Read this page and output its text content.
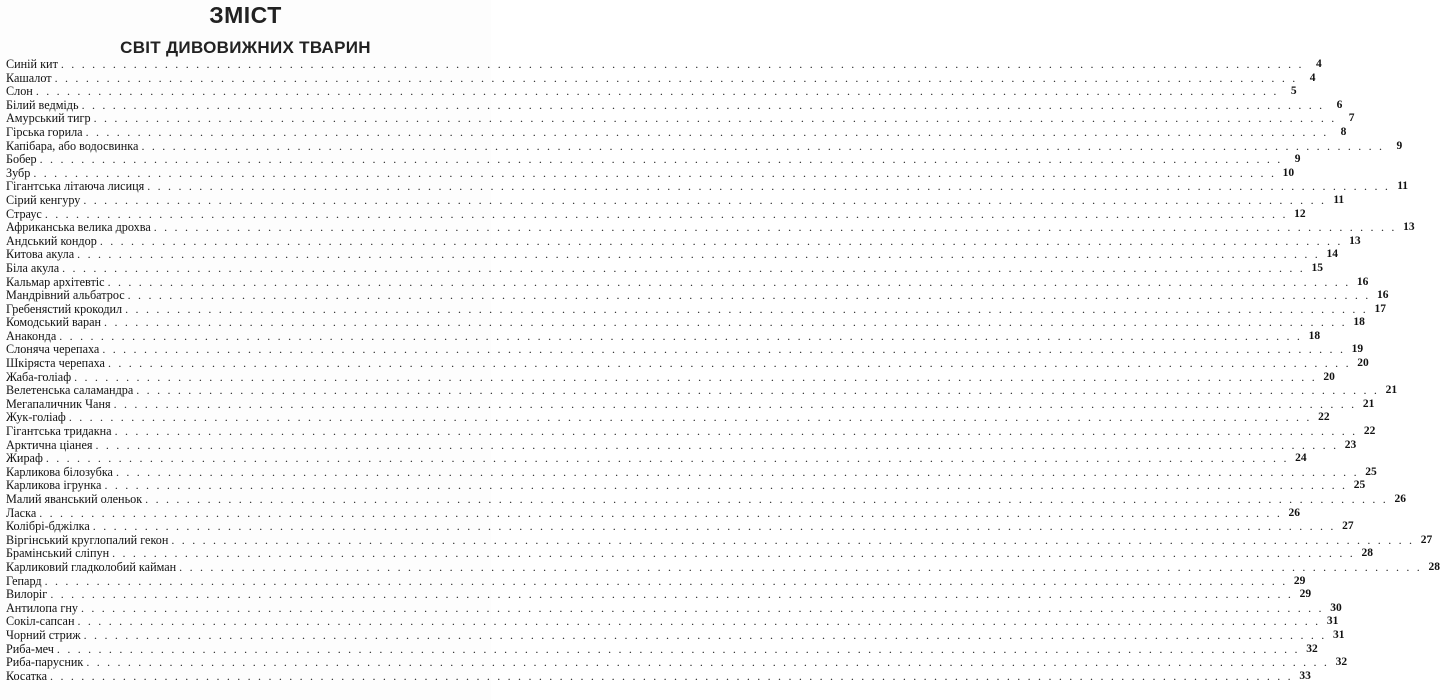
ЗМІСТ
СВІТ ДИВОВИЖНИХ ТВАРИН
Синій кит . . . . . . . . . . . . . . . . . . . . . . . . . . . . . . . . . . . . . . . . . . . . . . . . . . . . . . . . . . . . . . . . . . . . . . . . . . . . . . . . . . . . . . . . . . . . . . . . . . . . . . . . . . . . . . . . . . . . . . . .	4
Кашалот . . . . . . . . . . . . . . . . . . . . . . . . . . . . . . . . . . . . . . . . . . . . . . . . . . . . . . . . . . . . . . . . . . . . . . . . . . . . . . . . . . . . . . . . . . . . . . . . . . . . . . . . . . . . . . . . . . . . . . . .	4
Слон . . . . . . . . . . . . . . . . . . . . . . . . . . . . . . . . . . . . . . . . . . . . . . . . . . . . . . . . . . . . . . . . . . . . . . . . . . . . . . . . . . . . . . . . . . . . . . . . . . . . . . . . . . . . . . . . . . . . . . . .	5
Білий ведмідь . . . . . . . . . . . . . . . . . . . . . . . . . . . . . . . . . . . . . . . . . . . . . . . . . . . . . . . . . . . . . . . . . . . . . . . . . . . . . . . . . . . . . . . . . . . . . . . . . . . . . . . . . . . . . . . . . . . . . . . .	6
Амурський тигр . . . . . . . . . . . . . . . . . . . . . . . . . . . . . . . . . . . . . . . . . . . . . . . . . . . . . . . . . . . . . . . . . . . . . . . . . . . . . . . . . . . . . . . . . . . . . . . . . . . . . . . . . . . . . . . . . . . . . . . .	7
Гірська горила . . . . . . . . . . . . . . . . . . . . . . . . . . . . . . . . . . . . . . . . . . . . . . . . . . . . . . . . . . . . . . . . . . . . . . . . . . . . . . . . . . . . . . . . . . . . . . . . . . . . . . . . . . . . . . . . . . . . . . . .	8
Капібара, або водосвинка . . . . . . . . . . . . . . . . . . . . . . . . . . . . . . . . . . . . . . . . . . . . . . . . . . . . . . . . . . . . . . . . . . . . . . . . . . . . . . . . . . . . . . . . . . . . . . . . . . . . . . . . . . . . . . . . . . . . . . . .	9
Бобер . . . . . . . . . . . . . . . . . . . . . . . . . . . . . . . . . . . . . . . . . . . . . . . . . . . . . . . . . . . . . . . . . . . . . . . . . . . . . . . . . . . . . . . . . . . . . . . . . . . . . . . . . . . . . . . . . . . . . . . .	9
Зубр . . . . . . . . . . . . . . . . . . . . . . . . . . . . . . . . . . . . . . . . . . . . . . . . . . . . . . . . . . . . . . . . . . . . . . . . . . . . . . . . . . . . . . . . . . . . . . . . . . . . . . . . . . . . . . . . . . . . . . . . 10
Гігантська літаюча лисиця . . . . . . . . . . . . . . . . . . . . . . . . . . . . . . . . . . . . . . . . . . . . . . . . . . . . . . . . . . . . . . . . . . . . . . . . . . . . . . . . . . . . . . . . . . . . . . . . . . . . . . . . . . . . . . . . . . . . . . . . 11
Сірий кенгуру . . . . . . . . . . . . . . . . . . . . . . . . . . . . . . . . . . . . . . . . . . . . . . . . . . . . . . . . . . . . . . . . . . . . . . . . . . . . . . . . . . . . . . . . . . . . . . . . . . . . . . . . . . . . . . . . . . . . . . . . 11
Страус . . . . . . . . . . . . . . . . . . . . . . . . . . . . . . . . . . . . . . . . . . . . . . . . . . . . . . . . . . . . . . . . . . . . . . . . . . . . . . . . . . . . . . . . . . . . . . . . . . . . . . . . . . . . . . . . . . . . . . . . 12
Африканська велика дрохва . . . . . . . . . . . . . . . . . . . . . . . . . . . . . . . . . . . . . . . . . . . . . . . . . . . . . . . . . . . . . . . . . . . . . . . . . . . . . . . . . . . . . . . . . . . . . . . . . . . . . . . . . . . . . . . . . . . . . . . . 13
Андський кондор . . . . . . . . . . . . . . . . . . . . . . . . . . . . . . . . . . . . . . . . . . . . . . . . . . . . . . . . . . . . . . . . . . . . . . . . . . . . . . . . . . . . . . . . . . . . . . . . . . . . . . . . . . . . . . . . . . . . . . . . 13
Китова акула . . . . . . . . . . . . . . . . . . . . . . . . . . . . . . . . . . . . . . . . . . . . . . . . . . . . . . . . . . . . . . . . . . . . . . . . . . . . . . . . . . . . . . . . . . . . . . . . . . . . . . . . . . . . . . . . . . . . . . . . 14
Біла акула . . . . . . . . . . . . . . . . . . . . . . . . . . . . . . . . . . . . . . . . . . . . . . . . . . . . . . . . . . . . . . . . . . . . . . . . . . . . . . . . . . . . . . . . . . . . . . . . . . . . . . . . . . . . . . . . . . . . . . . . 15
Кальмар архітевтіс . . . . . . . . . . . . . . . . . . . . . . . . . . . . . . . . . . . . . . . . . . . . . . . . . . . . . . . . . . . . . . . . . . . . . . . . . . . . . . . . . . . . . . . . . . . . . . . . . . . . . . . . . . . . . . . . . . . . . . . . 16
Мандрівний альбатрос . . . . . . . . . . . . . . . . . . . . . . . . . . . . . . . . . . . . . . . . . . . . . . . . . . . . . . . . . . . . . . . . . . . . . . . . . . . . . . . . . . . . . . . . . . . . . . . . . . . . . . . . . . . . . . . . . . . . . . . . 16
Гребенястий крокодил . . . . . . . . . . . . . . . . . . . . . . . . . . . . . . . . . . . . . . . . . . . . . . . . . . . . . . . . . . . . . . . . . . . . . . . . . . . . . . . . . . . . . . . . . . . . . . . . . . . . . . . . . . . . . . . . . . . . . . . . 17
Комодський варан . . . . . . . . . . . . . . . . . . . . . . . . . . . . . . . . . . . . . . . . . . . . . . . . . . . . . . . . . . . . . . . . . . . . . . . . . . . . . . . . . . . . . . . . . . . . . . . . . . . . . . . . . . . . . . . . . . . . . . . . 18
Анаконда . . . . . . . . . . . . . . . . . . . . . . . . . . . . . . . . . . . . . . . . . . . . . . . . . . . . . . . . . . . . . . . . . . . . . . . . . . . . . . . . . . . . . . . . . . . . . . . . . . . . . . . . . . . . . . . . . . . . . . . . 18
Слоняча черепаха . . . . . . . . . . . . . . . . . . . . . . . . . . . . . . . . . . . . . . . . . . . . . . . . . . . . . . . . . . . . . . . . . . . . . . . . . . . . . . . . . . . . . . . . . . . . . . . . . . . . . . . . . . . . . . . . . . . . . . . . 19
Шкіряста черепаха . . . . . . . . . . . . . . . . . . . . . . . . . . . . . . . . . . . . . . . . . . . . . . . . . . . . . . . . . . . . . . . . . . . . . . . . . . . . . . . . . . . . . . . . . . . . . . . . . . . . . . . . . . . . . . . . . . . . . . . . 20
Жаба-голіаф . . . . . . . . . . . . . . . . . . . . . . . . . . . . . . . . . . . . . . . . . . . . . . . . . . . . . . . . . . . . . . . . . . . . . . . . . . . . . . . . . . . . . . . . . . . . . . . . . . . . . . . . . . . . . . . . . . . . . . . . 20
Велетенська саламандра . . . . . . . . . . . . . . . . . . . . . . . . . . . . . . . . . . . . . . . . . . . . . . . . . . . . . . . . . . . . . . . . . . . . . . . . . . . . . . . . . . . . . . . . . . . . . . . . . . . . . . . . . . . . . . . . . . . . . . . . 21
Мегапаличник Чаня . . . . . . . . . . . . . . . . . . . . . . . . . . . . . . . . . . . . . . . . . . . . . . . . . . . . . . . . . . . . . . . . . . . . . . . . . . . . . . . . . . . . . . . . . . . . . . . . . . . . . . . . . . . . . . . . . . . . . . . . 21
Жук-голіаф . . . . . . . . . . . . . . . . . . . . . . . . . . . . . . . . . . . . . . . . . . . . . . . . . . . . . . . . . . . . . . . . . . . . . . . . . . . . . . . . . . . . . . . . . . . . . . . . . . . . . . . . . . . . . . . . . . . . . . . . 22
Гігантська тридакна . . . . . . . . . . . . . . . . . . . . . . . . . . . . . . . . . . . . . . . . . . . . . . . . . . . . . . . . . . . . . . . . . . . . . . . . . . . . . . . . . . . . . . . . . . . . . . . . . . . . . . . . . . . . . . . . . . . . . . . . 22
Арктична ціанея . . . . . . . . . . . . . . . . . . . . . . . . . . . . . . . . . . . . . . . . . . . . . . . . . . . . . . . . . . . . . . . . . . . . . . . . . . . . . . . . . . . . . . . . . . . . . . . . . . . . . . . . . . . . . . . . . . . . . . . . 23
Жираф . . . . . . . . . . . . . . . . . . . . . . . . . . . . . . . . . . . . . . . . . . . . . . . . . . . . . . . . . . . . . . . . . . . . . . . . . . . . . . . . . . . . . . . . . . . . . . . . . . . . . . . . . . . . . . . . . . . . . . . . 24
Карликова білозубка . . . . . . . . . . . . . . . . . . . . . . . . . . . . . . . . . . . . . . . . . . . . . . . . . . . . . . . . . . . . . . . . . . . . . . . . . . . . . . . . . . . . . . . . . . . . . . . . . . . . . . . . . . . . . . . . . . . . . . . . 25
Карликова ігрунка . . . . . . . . . . . . . . . . . . . . . . . . . . . . . . . . . . . . . . . . . . . . . . . . . . . . . . . . . . . . . . . . . . . . . . . . . . . . . . . . . . . . . . . . . . . . . . . . . . . . . . . . . . . . . . . . . . . . . . . . 25
Малий яванський оленьок . . . . . . . . . . . . . . . . . . . . . . . . . . . . . . . . . . . . . . . . . . . . . . . . . . . . . . . . . . . . . . . . . . . . . . . . . . . . . . . . . . . . . . . . . . . . . . . . . . . . . . . . . . . . . . . . . . . . . . . . 26
Ласка . . . . . . . . . . . . . . . . . . . . . . . . . . . . . . . . . . . . . . . . . . . . . . . . . . . . . . . . . . . . . . . . . . . . . . . . . . . . . . . . . . . . . . . . . . . . . . . . . . . . . . . . . . . . . . . . . . . . . . . . 26
Колібрі-бджілка . . . . . . . . . . . . . . . . . . . . . . . . . . . . . . . . . . . . . . . . . . . . . . . . . . . . . . . . . . . . . . . . . . . . . . . . . . . . . . . . . . . . . . . . . . . . . . . . . . . . . . . . . . . . . . . . . . . . . . . . 27
Віргінський круглопалий гекон . . . . . . . . . . . . . . . . . . . . . . . . . . . . . . . . . . . . . . . . . . . . . . . . . . . . . . . . . . . . . . . . . . . . . . . . . . . . . . . . . . . . . . . . . . . . . . . . . . . . . . . . . . . . . . . . . . . . . . . . 27
Брамінський сліпун . . . . . . . . . . . . . . . . . . . . . . . . . . . . . . . . . . . . . . . . . . . . . . . . . . . . . . . . . . . . . . . . . . . . . . . . . . . . . . . . . . . . . . . . . . . . . . . . . . . . . . . . . . . . . . . . . . . . . . . . 28
Карликовий гладколобий кайман . . . . . . . . . . . . . . . . . . . . . . . . . . . . . . . . . . . . . . . . . . . . . . . . . . . . . . . . . . . . . . . . . . . . . . . . . . . . . . . . . . . . . . . . . . . . . . . . . . . . . . . . . . . . . . . . . . . . . . . . 28
Гепард . . . . . . . . . . . . . . . . . . . . . . . . . . . . . . . . . . . . . . . . . . . . . . . . . . . . . . . . . . . . . . . . . . . . . . . . . . . . . . . . . . . . . . . . . . . . . . . . . . . . . . . . . . . . . . . . . . . . . . . . 29
Вилоріг . . . . . . . . . . . . . . . . . . . . . . . . . . . . . . . . . . . . . . . . . . . . . . . . . . . . . . . . . . . . . . . . . . . . . . . . . . . . . . . . . . . . . . . . . . . . . . . . . . . . . . . . . . . . . . . . . . . . . . . . 29
Антилопа гну . . . . . . . . . . . . . . . . . . . . . . . . . . . . . . . . . . . . . . . . . . . . . . . . . . . . . . . . . . . . . . . . . . . . . . . . . . . . . . . . . . . . . . . . . . . . . . . . . . . . . . . . . . . . . . . . . . . . . . . . 30
Сокіл-сапсан . . . . . . . . . . . . . . . . . . . . . . . . . . . . . . . . . . . . . . . . . . . . . . . . . . . . . . . . . . . . . . . . . . . . . . . . . . . . . . . . . . . . . . . . . . . . . . . . . . . . . . . . . . . . . . . . . . . . . . . . 31
Чорний стриж . . . . . . . . . . . . . . . . . . . . . . . . . . . . . . . . . . . . . . . . . . . . . . . . . . . . . . . . . . . . . . . . . . . . . . . . . . . . . . . . . . . . . . . . . . . . . . . . . . . . . . . . . . . . . . . . . . . . . . . . 31
Риба-меч . . . . . . . . . . . . . . . . . . . . . . . . . . . . . . . . . . . . . . . . . . . . . . . . . . . . . . . . . . . . . . . . . . . . . . . . . . . . . . . . . . . . . . . . . . . . . . . . . . . . . . . . . . . . . . . . . . . . . . . . 32
Риба-парусник . . . . . . . . . . . . . . . . . . . . . . . . . . . . . . . . . . . . . . . . . . . . . . . . . . . . . . . . . . . . . . . . . . . . . . . . . . . . . . . . . . . . . . . . . . . . . . . . . . . . . . . . . . . . . . . . . . . . . . . . 32
Косатка . . . . . . . . . . . . . . . . . . . . . . . . . . . . . . . . . . . . . . . . . . . . . . . . . . . . . . . . . . . . . . . . . . . . . . . . . . . . . . . . . . . . . . . . . . . . . . . . . . . . . . . . . . . . . . . . . . . . . . . . 33
